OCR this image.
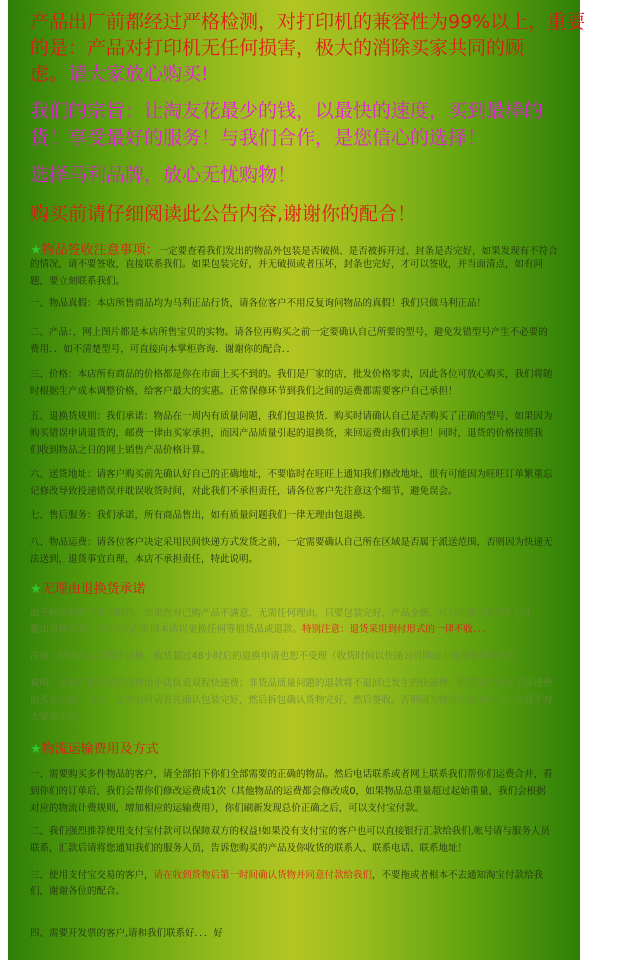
产品出厂前都经过严格检测，对打印机的兼容性为99%以上，重要
的是：产品对打印机无任何损害，极大的消除买家共同的顾
虑。请大家放心购买!
我们的宗旨：让淘友花最少的钱，以最快的速度，买到最棒的
货！享受最好的服务！与我们合作，是您信心的选择！
选择马利品牌，放心无忧购物！
购买前请仔细阅读此公告内容,谢谢你的配合！
★物品签收注意事项：一定要查看我们发出的物品外包装是否破损、是否被拆开过、封条是否完好，如果发现有不符合
的情况，请不要签收，直接联系我们。如果包装完好，并无破损或者压坏，封条也完好，才可以签收，并当面清点，如有问
题，要立刻联系我们。
一、物品真假：本店所售商品均为马利正品行货，请各位客户不用反复询问物品的真假！我们只做马利正品！
二、产品：，网上图片都是本店所售宝贝的实物。请各位再购买之前一定要确认自己所要的型号，避免发错型号产生不必要的
费用．．如不清楚型号，可直接向本掌柜咨询．谢谢你的配合．．
三、价格：本店所有商品的价格都是你在市面上买不到的。我们是厂家的店，批发价格零卖，因此各位可放心购买，我们将随
时根据生产成本调整价格，给客户最大的实惠。正常保修环节到我们之间的运费都需要客户自己承担！
五、退换货规则：我们承诺：物品在一周内有质量问题，我们包退换货．购买时请确认自己是否购买了正确的型号，如果因为
购买错误申请退货的，邮费一律由买家承担，而因产品质量引起的退换货，来回运费由我们承担！同时，退货的价格按照我
们收到物品之日的网上销售产品价格计算。
六、送货地址：请客户购买前先确认好自己的正确地址，不要临时在旺旺上通知我们修改地址，很有可能因为旺旺订单繁重忘
记修改导致投递错误并耽误收货时间，对此我们不承担责任，请各位客户先注意这个细节，避免误会。
七、售后服务：我们承诺，所有商品售出，如有质量问题我们一律无理由包退换．
八、物品运费：请各位客户决定采用民间快递方式发货之前，一定需要确认自己所在区域是否属于派送范围，否则因为快递无
法送到，退货事宜自理，本店不承担责任，特此说明。
★无理由退换货承诺
由于网络购物存在局限性，如果您对已购产品不满意，无需任何理由，只要包装完好、产品全新、可以在收到货物5天内
提出退换要求，并在5天内发回本店以更换任何等值货品或退款。特别注意：退货采用到付形式的一律不收．．．
注意：特价商品等都不退换，收货超过48小时后的退换申请也恕不受理（收货时间以快递公司网站上的签收时间为准
说明：质量问题引发的退换由小店负责双程快递费；非货品质量问题的退款将不退回已发生的快递费，换货的所有相关快递费
由买家负担。另外，您签收时请首先确认包装完好，然后拆包确认货物完好，然后签收。否则因为物流引起的争议小店概不对
大家都不好。
★物流运输费用及方式
一、需要购买多件物品的客户，请全部拍下你们全部需要的正确的物品。然后电话联系或者网上联系我们帮你们运费合并，看
到你们的订单后，我们会帮你们修改运费成1次（其他物品的运费都会修改成0，如果物品总重量超过起始重量，我们会根据
对应的物流计费规则，增加相应的运输费用），你们刷新发现总价正确之后，可以支付宝付款。
二、我们强烈推荐使用支付宝付款可以保障双方的权益!如果没有支付宝的客户也可以直接银行汇款给我们,帐号请与服务人员
联系，汇款后请将您通知我们的服务人员，告诉您购买的产品及你收货的联系人、联系电话、联系地址！
三、使用支付宝交易的客户，请在收到货物后第一时间确认货物并同意付款给我们，不要拖或者根本不去通知淘宝付款给我
们，谢谢各位的配合。
四、需要开发票的客户,请和我们联系好．．．好
